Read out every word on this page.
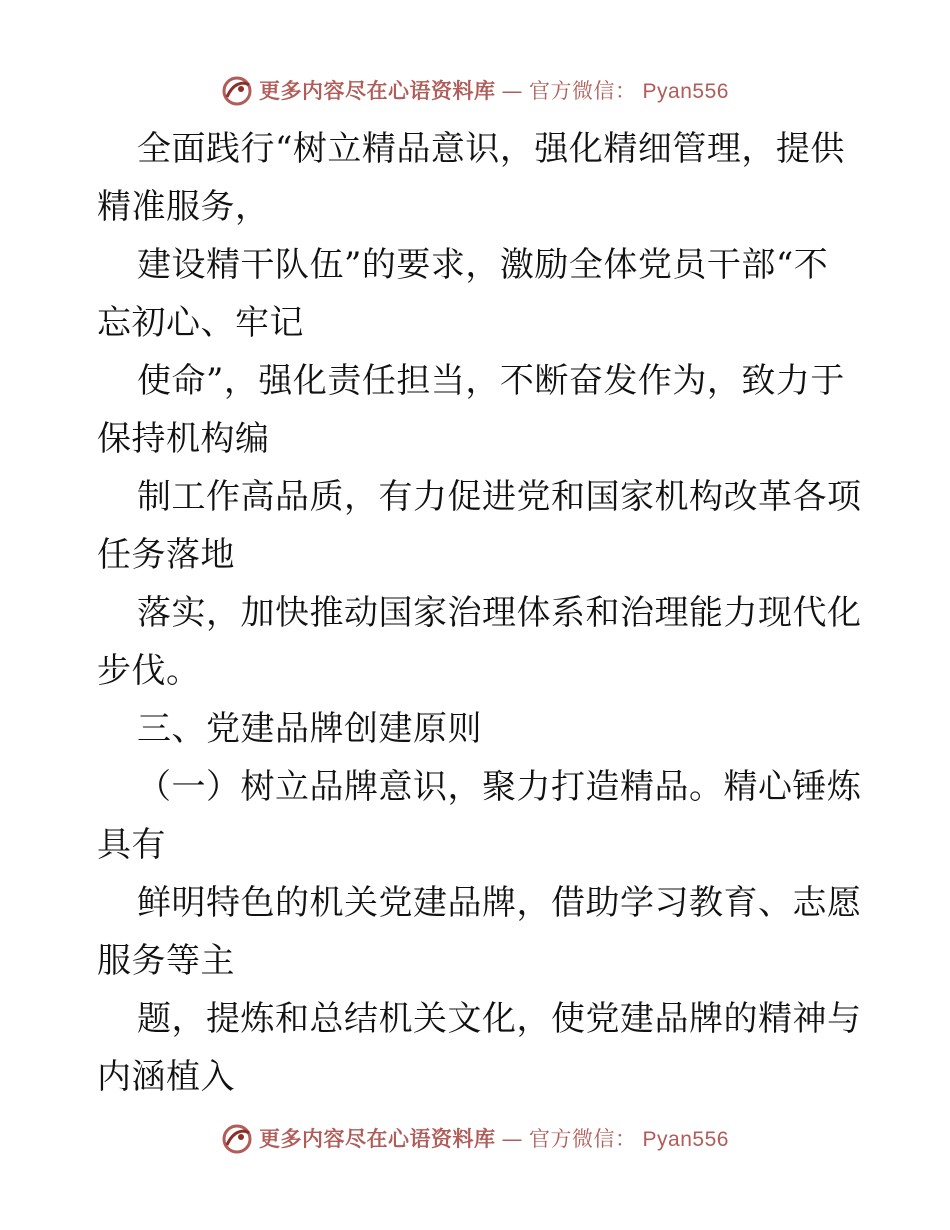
更多内容尽在心语资料库 — 官方微信： Pyan556

全面践行“树立精品意识，强化精细管理，提供

精准服务，

建设精干队伍”的要求，激励全体党员干部“不

忘初心、牢记

使命”，强化责任担当，不断奋发作为，致力于

保持机构编

制工作高品质，有力促进党和国家机构改革各项

任务落地

落实，加快推动国家治理体系和治理能力现代化

步伐。

三、党建品牌创建原则

（一）树立品牌意识，聚力打造精品。精心锤炼

具有

鲜明特色的机关党建品牌，借助学习教育、志愿

服务等主

题，提炼和总结机关文化，使党建品牌的精神与

内涵植入

更多内容尽在心语资料库 — 官方微信： Pyan556
